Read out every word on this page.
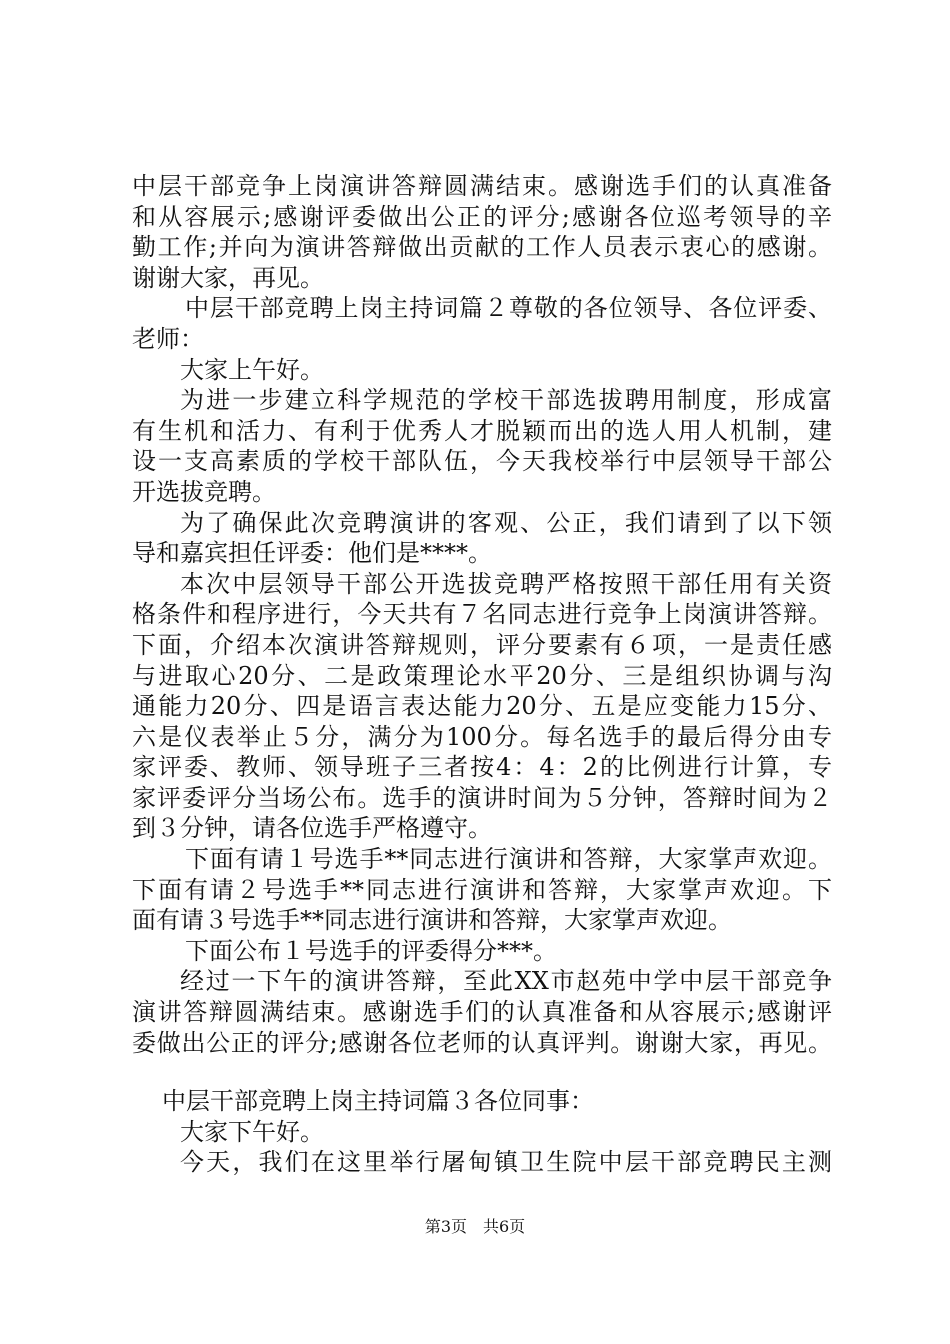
中层干部竞争上岗演讲答辩圆满结束。感谢选手们的认真准备
和从容展示;感谢评委做出公正的评分;感谢各位巡考领导的辛
勤工作;并向为演讲答辩做出贡献的工作人员表示衷心的感谢。
谢谢大家，再见。
中层干部竞聘上岗主持词篇２尊敬的各位领导、各位评委、
老师：
大家上午好。
为进一步建立科学规范的学校干部选拔聘用制度，形成富
有生机和活力、有利于优秀人才脱颖而出的选人用人机制，建
设一支高素质的学校干部队伍，今天我校举行中层领导干部公
开选拔竞聘。
为了确保此次竞聘演讲的客观、公正，我们请到了以下领
导和嘉宾担任评委：他们是****。
本次中层领导干部公开选拔竞聘严格按照干部任用有关资
格条件和程序进行，今天共有７名同志进行竞争上岗演讲答辩。
下面，介绍本次演讲答辩规则，评分要素有６项，一是责任感
与进取心20分、二是政策理论水平20分、三是组织协调与沟
通能力20分、四是语言表达能力20分、五是应变能力15分、
六是仪表举止５分，满分为100分。每名选手的最后得分由专
家评委、教师、领导班子三者按4：4：2的比例进行计算，专
家评委评分当场公布。选手的演讲时间为５分钟，答辩时间为２
到３分钟，请各位选手严格遵守。
下面有请１号选手**同志进行演讲和答辩，大家掌声欢迎。
下面有请２号选手**同志进行演讲和答辩，大家掌声欢迎。下
面有请３号选手**同志进行演讲和答辩，大家掌声欢迎。
下面公布１号选手的评委得分***。
经过一下午的演讲答辩，至此XX市赵苑中学中层干部竞争
演讲答辩圆满结束。感谢选手们的认真准备和从容展示;感谢评
委做出公正的评分;感谢各位老师的认真评判。谢谢大家，再见。
中层干部竞聘上岗主持词篇３各位同事：
大家下午好。
今天，我们在这里举行屠甸镇卫生院中层干部竞聘民主测
第3页　共6页
